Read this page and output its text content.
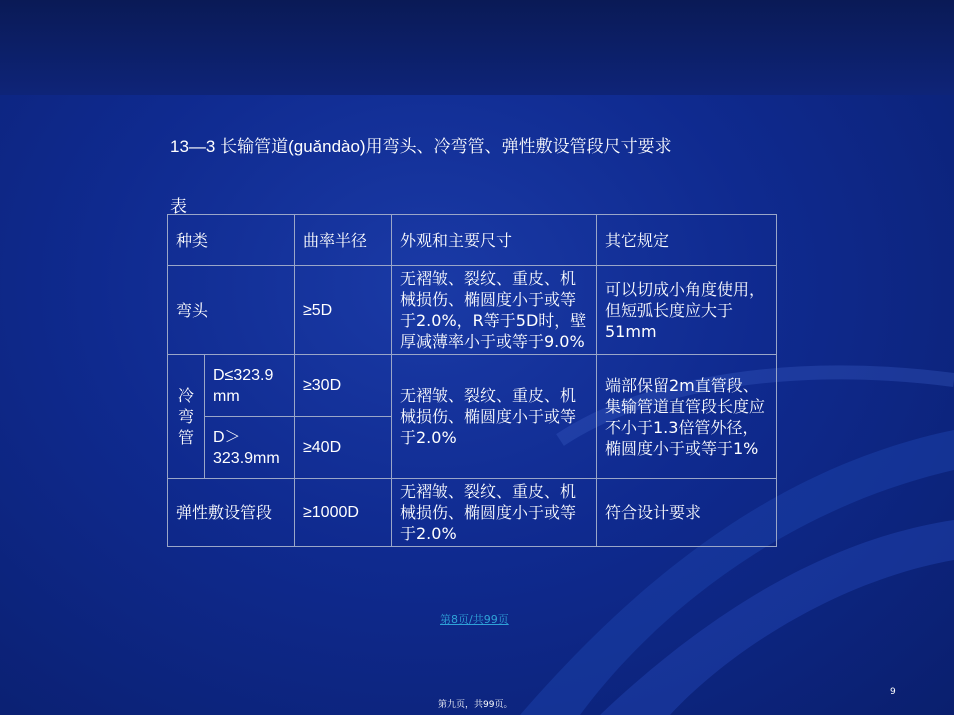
13—3 长输管道(guǎndào)用弯头、冷弯管、弹性敷设管段尺寸要求
表
种类		曲率半径	外观和主要尺寸	其它规定
弯头		≥5D	无褶皱、裂纹、重皮、机械损伤、椭圆度小于或等于2.0%，R等于5D时，壁厚减薄率小于或等于9.0%	可以切成小角度使用，但短弧长度应大于51mm
冷弯管	D≤323.9 mm	≥30D	无褶皱、裂纹、重皮、机械损伤、椭圆度小于或等于2.0%	端部保留2m直管段、集输管道直管段长度应不小于1.3倍管外径，椭圆度小于或等于1%
	D＞323.9mm	≥40D		
弹性敷设管段		≥1000D	无褶皱、裂纹、重皮、机械损伤、椭圆度小于或等于2.0%	符合设计要求
第8页/共99页
9
第九页，共99页。
